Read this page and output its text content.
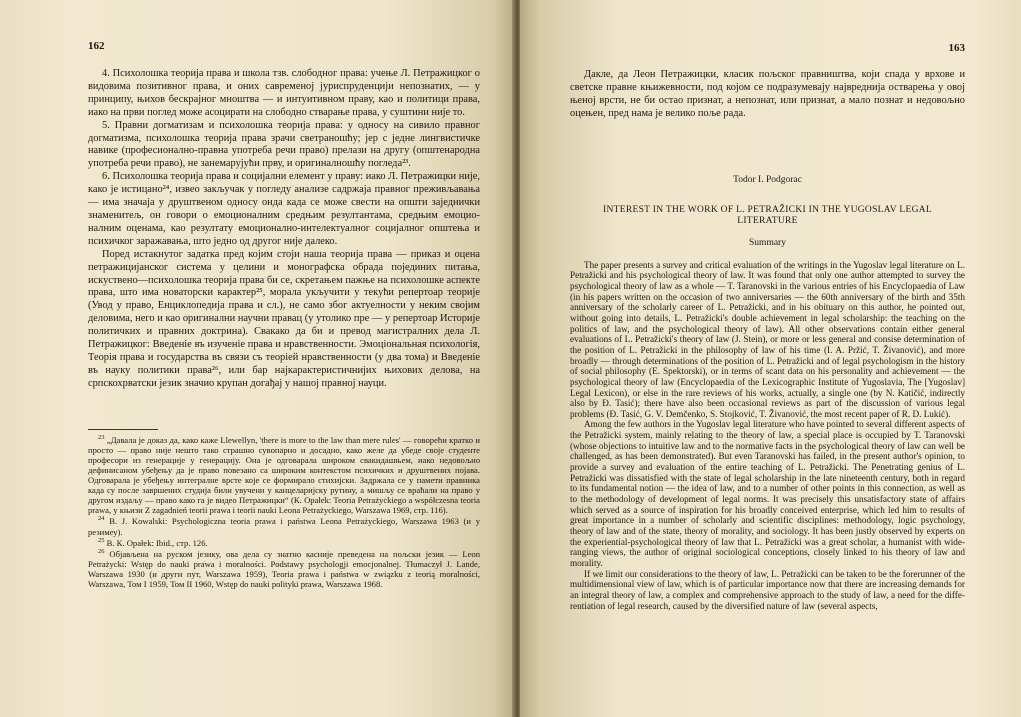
162

4. Психолошка теорија права и школа тзв. слободног права: учење Л. Петражицког о видовима позитивног права, и оних савременој јуриспруденцији непознатих, — у принципу, њихов бескрајног мноштва — и интуитивном праву, као и политици права, иако на први поглед може асоцирати на слободно стварање права, у суштини није то.

5. Правни догматизам и психолошка теорија права: у односу на сивило правног догматизма, психолошка теорија права зрачи светраношћу; јер с једне лингвистичке навике (професионално-правна употреба речи право) прелази на другу (општенародна употреба речи право), не занемарујући прву, и оригиналношћу погледа²³.

6. Психолошка теорија права и социјални елемент у праву: иако Л. Петражицки није, како је истицано²⁴, извео закључак у погледу анализе садржаја правног преживљавања — има значаја у друштвеном односу онда када се може свести на општи заједнички знаменитељ, он говори о емоционалним средњим резултантама, средњим емоционалним оценама, као резултату емоционално-интелектуалног социјалног општења и психичког заражавања, што једно од другог није далеко.

Поред истакнутог задатка пред којим стоји наша теорија права — приказ и оцена петражицијанског система у целини и монографска обрада појединих питања, искуствено—психолошка теорија права би се, скретањем пажње на психолошке аспекте права, што има новаторски карактер²⁵, морала укључити у текући репертоар теорије (Увод у право, Енциклопедија права и сл.), не само због актуелности у неким својим деловима, него и као оригинални научни правац (у утолико пре — у репертоар Историје политичких и правних доктрина). Свакако да би и превод магистралних дела Л. Петражицког: Введеніе въ изученіе права и нравственности. Эмоціональная психологія, Теорія права и государства въ связи съ теоріей нравственности (у два тома) и Введеніе въ науку политики права²⁶, или бар најкарактеристичнијих њихових делова, на српскохрватски језик значио крупан догађај у нашој правној науци.

$^{23}$ „Давала је доказ да, како каже Llewellyn, 'there is more to the law than mere rules' — говорећи кратко и просто — право није нешто тако страшно сувопарно и досадно, како желе да убеде своје студенте професори из генерације у генерацију. Она је одговарала широком свакидашњем, иако недовољно дефинисаном убеђењу да је право повезано са широким контекстом психичких и друштвених појава. Одговарала је убеђењу интегралне врсте које се формирало стихијски. Задржала се у памети правника када су после завршених студија били увучени у канцеларијску рутину, а мишљу се враћали на право у другом издаљу — право како га је видео Петражицки“ (К. Opałek: Teoria Petrażyckiego a współczesna teoria prawa, у књизи Z zagadnień teorii prawa i teorii nauki Leona Petrażyckiego, Warszawa 1969, стр. 116).

$^{24}$ В. J. Kowalski: Psychologiczna teoria prawa i państwa Leona Petrażyckiego, Warszawa 1963 (и у резимеу).

$^{25}$ В. К. Opałek: Ibid., стр. 126.

$^{26}$ Објављена на руском језику, ова дела су знатно касније преведена на пољски језик — Leon Petrażycki: Wstęp do nauki prawa i moralności. Podstawy psychologji emocjonalnej. Tłumaczył J. Lande, Warszawa 1930 (и други пут, Warszawa 1959), Teoria prawa i państwa w związku z teorią moralności, Warszawa, Том I 1959, Том II 1960, Wstęp do nauki polityki prawa, Warszawa 1968.

163

Дакле, да Леон Петражицки, класик пољског правништва, који спада у врхове и светске правне књижевности, под којом се подразумевају највреднија остварења у овој њеној врсти, не би остао признат, а непознат, или признат, а мало познат и недовољно оцењен, пред нама је велико поље рада.

Todor I. Podgorac
INTEREST IN THE WORK OF L. PETRAŽICKI IN THE YUGOSLAV LEGAL LITERATURE
Summary

The paper presents a survey and critical evaluation of the writings in the Yugoslav legal literature on L. Petražicki and his psychological theory of law. It was found that only one author attempted to survey the psychological theory of law as a whole — T. Taranovski in the various entries of his Encyclopaedia of Law (in his papers written on the occasion of two anniversaries — the 60th anniversary of the birth and 35th anniversary of the scholarly career of L. Petražicki, and in his obituary on this author, he pointed out, without going into details, L. Petražicki's double achievement in legal scholarship: the teaching on the politics of law, and the psychological theory of law). All other observations contain either general evaluations of L. Petražicki's theory of law (J. Stein), or more or less general and consise determination of the position of L. Petražicki in the philosophy of law of his time (I. A. Pržić, T. Živanović), and more broadly — through determinations of the position of L. Petražicki and of legal psychologism in the history of social philosophy (E. Spektorski), or in terms of scant data on his personality and achievement — the psychological theory of law (Encyclopaedia of the Lexicographic Institute of Yugoslavia, The [Yugoslav] Legal Lexicon), or else in the rare reviews of his works, actually, a single one (by N. Katičić, indirectly also by Đ. Tasić); there have also been occasional reviews as part of the discussion of various legal problems (Đ. Tasić, G. V. Demčenko, S. Stojković, T. Živanović, the most recent paper of R. D. Lukić).

Among the few authors in the Yugoslav legal literature who have pointed to several different aspects of the Petražicki system, mainly relating to the theory of law, a special place is occupied by T. Taranovski (whose objections to intuitive law and to the normative facts in the psychological theory of law can well be challenged, as has been demonstrated). But even Taranovski has failed, in the present author's opinion, to provide a survey and evaluation of the entire teaching of L. Petražicki. The Penetrating genius of L. Petražicki was dissatisfied with the state of legal scholarship in the late nineteenth century, both in regard to its fundamental notion — the idea of law, and to a number of other points in this connection, as well as to the methodology of development of legal norms. It was precisely this unsatisfactory state of affairs which served as a source of inspiration for his broadly conceived enterprise, which led him to results of great importance in a number of scholarly and scientific disciplines: methodology, logic psychology, theory of law and of the state, theory of morality, and sociology. It has been justly observed by experts on the experiential-psychological theory of law that L. Petražicki was a great scholar, a humanist with wide-ranging views, the author of original sociological conceptions, closely linked to his theory of law and morality.

If we limit our considerations to the theory of law, L. Petražicki can be taken to be the forerunner of the multidimensional view of law, which is of particular importance now that there are increasing demands for an integral theory of law, a complex and comprehensive approach to the study of law, a need for the differentiation of legal research, caused by the diversified nature of law (several aspects,
